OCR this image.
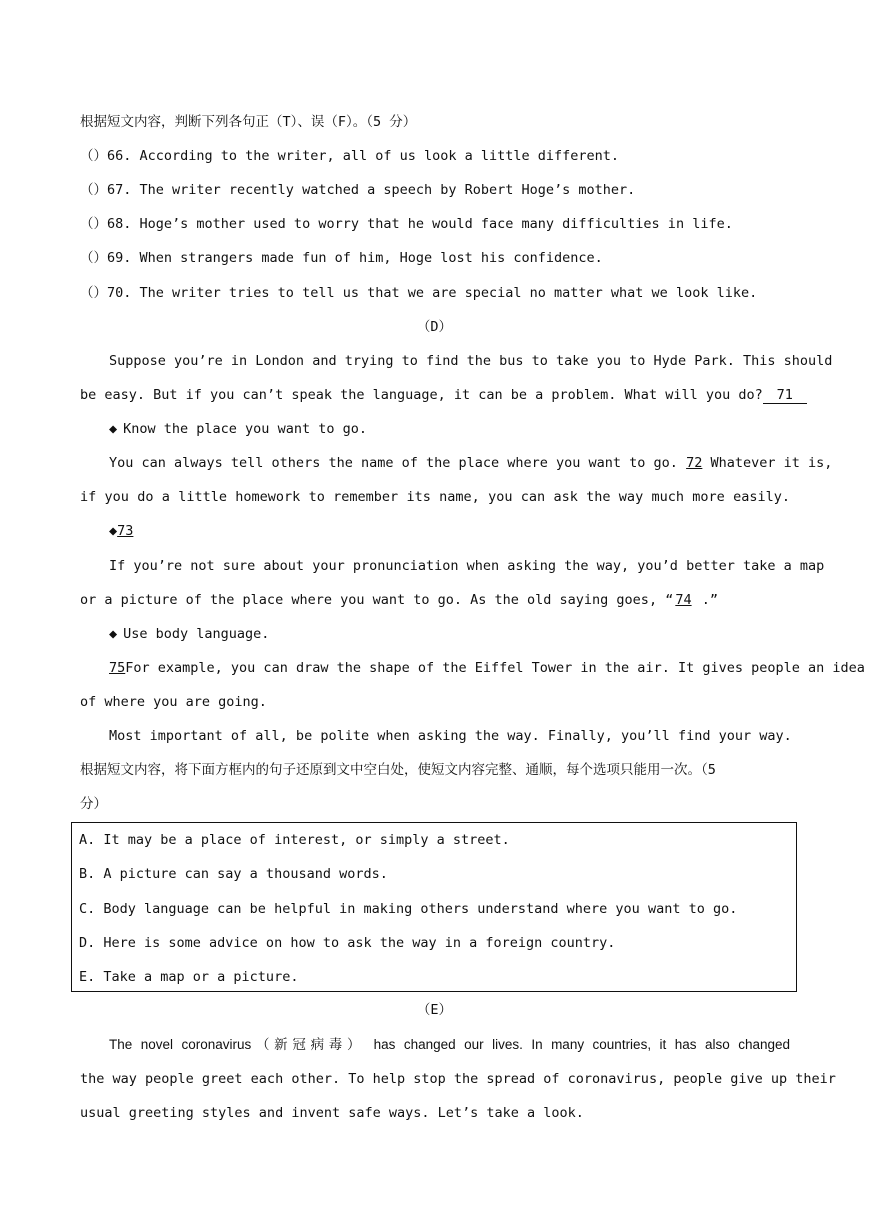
根据短文内容，判断下列各句正（T）、误（F）。（5 分）
（）66. According to the writer, all of us look a little different.
（）67. The writer recently watched a speech by Robert Hoge’s mother.
（）68. Hoge’s mother used to worry that he would face many difficulties in life.
（）69. When strangers made fun of him, Hoge lost his confidence.
（）70. The writer tries to tell us that we are special no matter what we look like.
（D）
Suppose you’re in London and trying to find the bus to take you to Hyde Park. This should
be easy. But if you can’t speak the language, it can be a problem. What will you do? 71
◆ Know the place you want to go.
You can always tell others the name of the place where you want to go. 72 Whatever it is,
if you do a little homework to remember its name, you can ask the way much more easily.
◆73
If you’re not sure about your pronunciation when asking the way, you’d better take a map
or a picture of the place where you want to go. As the old saying goes, “ 74 .”
◆ Use body language.
75For example, you can draw the shape of the Eiffel Tower in the air. It gives people an idea
of where you are going.
Most important of all, be polite when asking the way. Finally, you’ll find your way.
根据短文内容，将下面方框内的句子还原到文中空白处，使短文内容完整、通顺，每个选项只能用一次。（5
分）
A. It may be a place of interest, or simply a street.
B. A picture can say a thousand words.
C. Body language can be helpful in making others understand where you want to go.
D. Here is some advice on how to ask the way in a foreign country.
E. Take a map or a picture.
（E）
The novel coronavirus（新冠病毒） has changed our lives. In many countries, it has also changed
the way people greet each other. To help stop the spread of coronavirus, people give up their
usual greeting styles and invent safe ways. Let’s take a look.
